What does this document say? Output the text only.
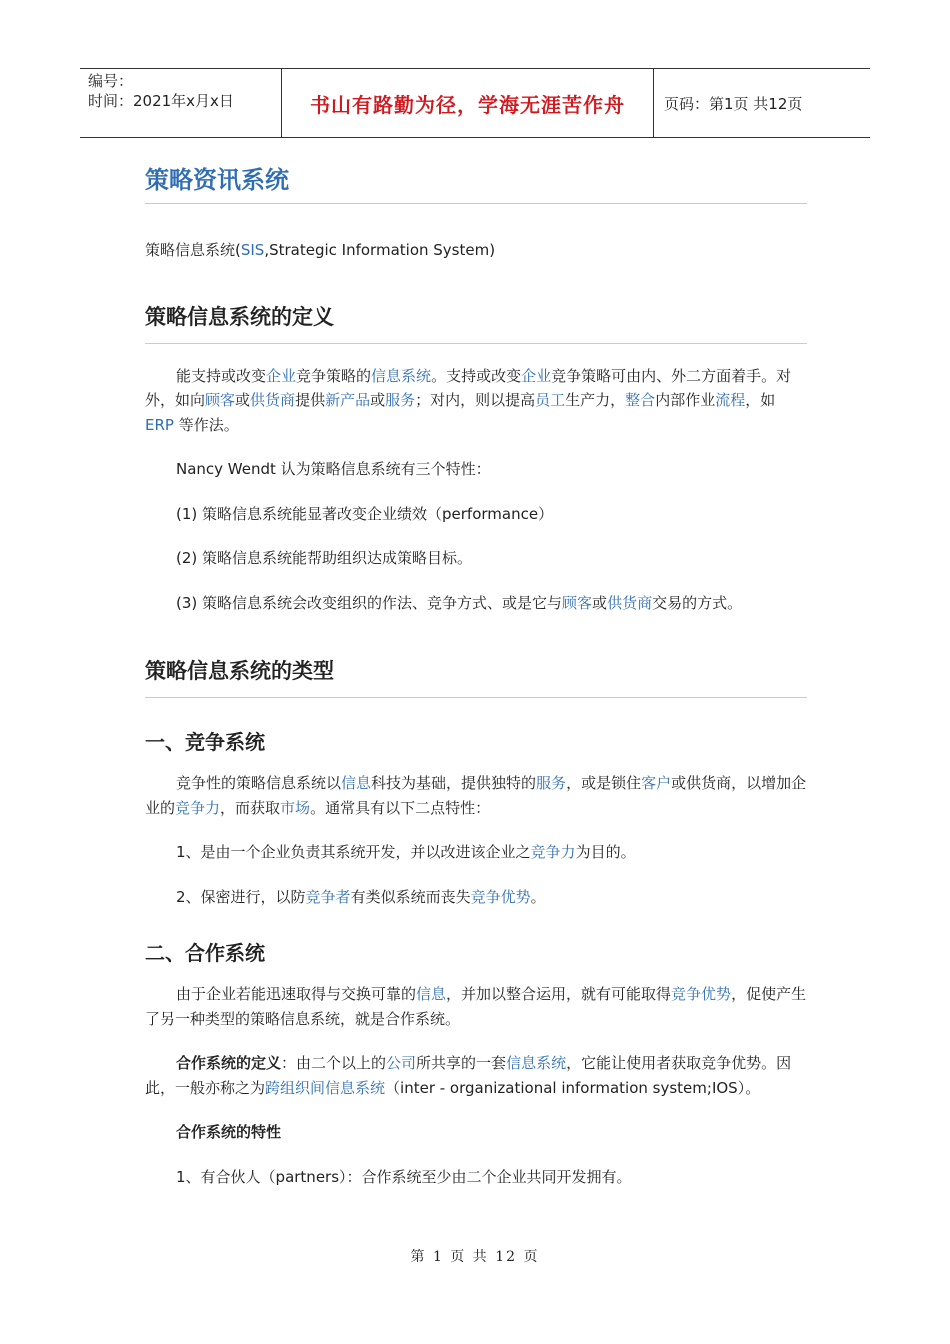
编号：
时间：2021年x月x日	书山有路勤为径，学海无涯苦作舟	页码：第1页 共12页
策略资讯系统

策略信息系统(SIS,Strategic Information System)

策略信息系统的定义

能支持或改变企业竞争策略的信息系统。支持或改变企业竞争策略可由内、外二方面着手。对外，如向顾客或供货商提供新产品或服务；对内，则以提高员工生产力，整合内部作业流程，如 ERP 等作法。

Nancy Wendt 认为策略信息系统有三个特性：

(1) 策略信息系统能显著改变企业绩效（performance）

(2) 策略信息系统能帮助组织达成策略目标。

(3) 策略信息系统会改变组织的作法、竞争方式、或是它与顾客或供货商交易的方式。

策略信息系统的类型
一、竞争系统

竞争性的策略信息系统以信息科技为基础，提供独特的服务，或是锁住客户或供货商，以增加企业的竞争力，而获取市场。通常具有以下二点特性：

1、是由一个企业负责其系统开发，并以改进该企业之竞争力为目的。

2、保密进行，以防竞争者有类似系统而丧失竞争优势。

二、合作系统

由于企业若能迅速取得与交换可靠的信息，并加以整合运用，就有可能取得竞争优势，促使产生了另一种类型的策略信息系统，就是合作系统。

合作系统的定义：由二个以上的公司所共享的一套信息系统，它能让使用者获取竞争优势。因此，一般亦称之为跨组织间信息系统（inter - organizational information system;IOS）。

合作系统的特性

1、有合伙人（partners）：合作系统至少由二个企业共同开发拥有。

第 1 页 共 12 页
